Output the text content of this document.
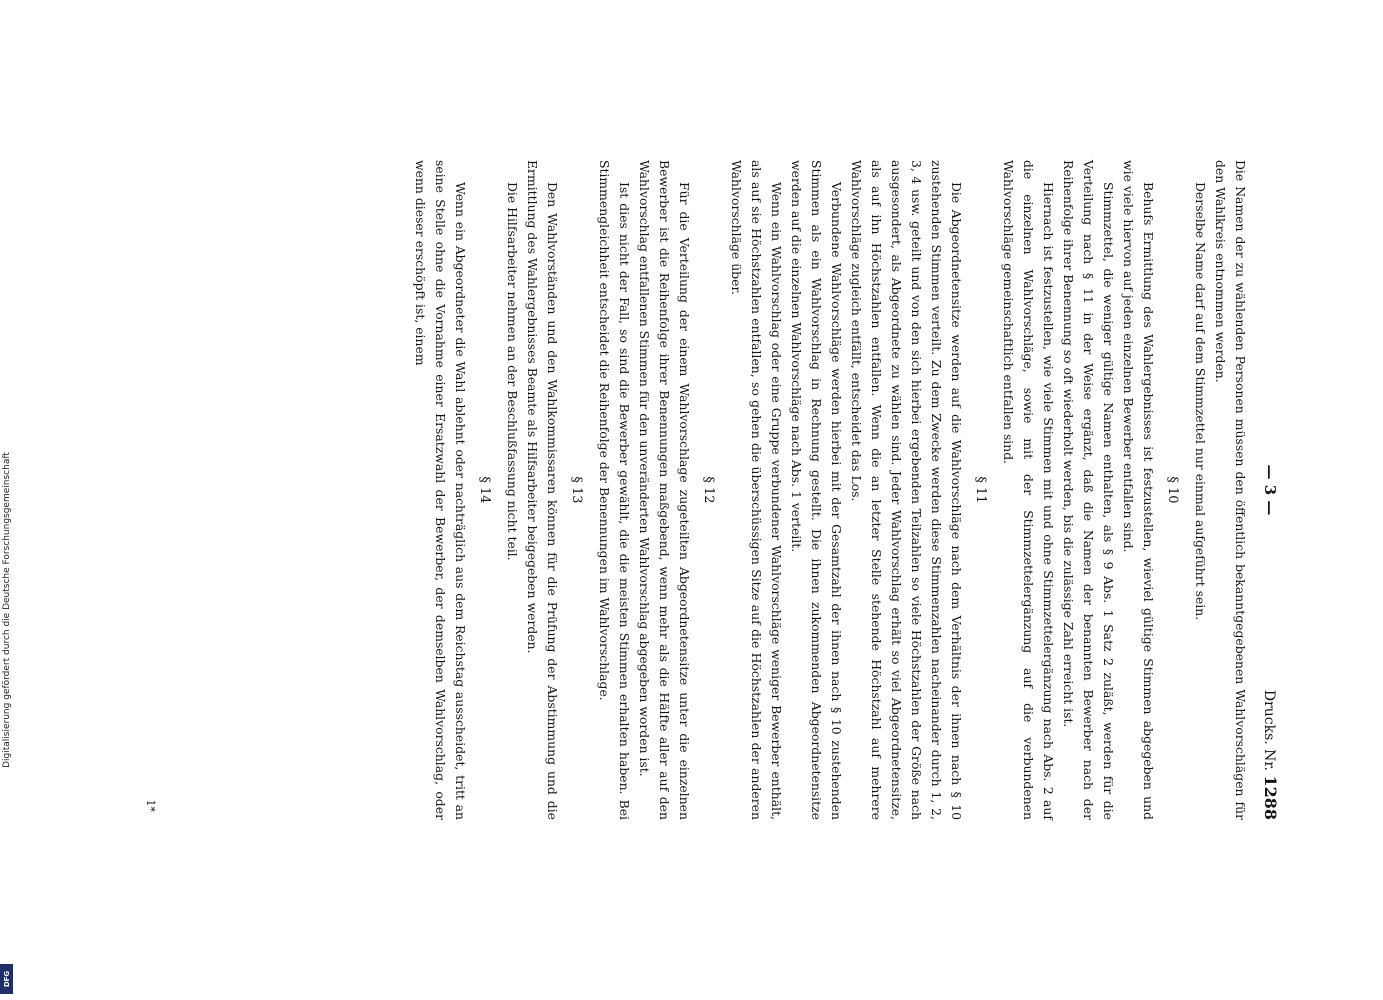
Digitalisierung gefördert durch die Deutsche Forschungsgemeinschaft
DFG
— 3 —
Drucks. Nr. 1288

Die Namen der zu wählenden Personen müssen den öffentlich bekanntgegebenen Wahlvorschlägen für den Wahlkreis entnommen werden.

Derselbe Name darf auf dem Stimmzettel nur einmal aufgeführt sein.

§ 10

Behufs Ermittlung des Wahlergebnisses ist festzustellen, wieviel gültige Stimmen abgegeben und wie viele hiervon auf jeden einzelnen Bewerber entfallen sind.

Stimmzettel, die weniger gültige Namen enthalten, als § 9 Abs. 1 Satz 2 zuläßt, werden für die Verteilung nach § 11 in der Weise ergänzt, daß die Namen der benannten Bewerber nach der Reihenfolge ihrer Benennung so oft wiederholt werden, bis die zulässige Zahl erreicht ist.

Hiernach ist festzustellen, wie viele Stimmen mit und ohne Stimmzettelergänzung nach Abs. 2 auf die einzelnen Wahlvorschläge, sowie mit der Stimmzettelergänzung auf die verbundenen Wahlvorschläge gemeinschaftlich entfallen sind.

§ 11

Die Abgeordnetensitze werden auf die Wahlvorschläge nach dem Verhältnis der ihnen nach § 10 zustehenden Stimmen verteilt. Zu dem Zwecke werden diese Stimmenzahlen nacheinander durch 1, 2, 3, 4 usw. geteilt und von den sich hierbei ergebenden Teilzahlen so viele Höchstzahlen der Größe nach ausgesondert, als Abgeordnete zu wählen sind. Jeder Wahlvorschlag erhält so viel Abgeordnetensitze, als auf ihn Höchstzahlen entfallen. Wenn die an letzter Stelle stehende Höchstzahl auf mehrere Wahlvorschläge zugleich entfällt, entscheidet das Los.

Verbundene Wahlvorschläge werden hierbei mit der Gesamtzahl der ihnen nach § 10 zustehenden Stimmen als ein Wahlvorschlag in Rechnung gestellt. Die ihnen zukommenden Abgeordnetensitze werden auf die einzelnen Wahlvorschläge nach Abs. 1 verteilt.

Wenn ein Wahlvorschlag oder eine Gruppe verbundener Wahlvorschläge weniger Bewerber enthält, als auf sie Höchstzahlen entfallen, so gehen die überschüssigen Sitze auf die Höchstzahlen der anderen Wahlvorschläge über.

§ 12

Für die Verteilung der einem Wahlvorschlage zugeteilten Abgeordnetensitze unter die einzelnen Bewerber ist die Reihenfolge ihrer Benennungen maßgebend, wenn mehr als die Hälfte aller auf den Wahlvorschlag entfallenen Stimmen für den unveränderten Wahlvorschlag abgegeben worden ist.

Ist dies nicht der Fall, so sind die Bewerber gewählt, die die meisten Stimmen erhalten haben. Bei Stimmengleichheit entscheidet die Reihenfolge der Benennungen im Wahlvorschlage.

§ 13

Den Wahlvorständen und den Wahlkommissaren können für die Prüfung der Abstimmung und die Ermittlung des Wahlergebnisses Beamte als Hilfsarbeiter beigegeben werden.

Die Hilfsarbeiter nehmen an der Beschlußfassung nicht teil.

§ 14

Wenn ein Abgeordneter die Wahl ablehnt oder nachträglich aus dem Reichstag ausscheidet, tritt an seine Stelle ohne die Vornahme einer Ersatzwahl der Bewerber, der demselben Wahlvorschlag, oder wenn dieser erschöpft ist, einem

1*
